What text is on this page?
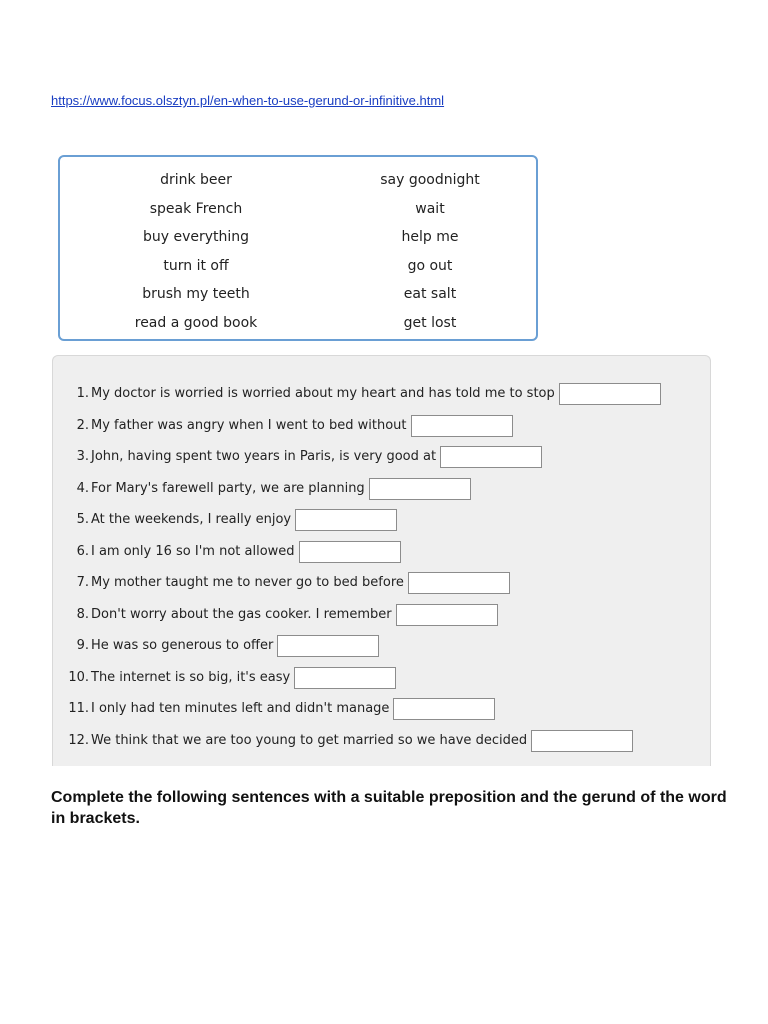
https://www.focus.olsztyn.pl/en-when-to-use-gerund-or-infinitive.html
drink beer
speak French
buy everything
turn it off
brush my teeth
read a good book
say goodnight
wait
help me
go out
eat salt
get lost
1. My doctor is worried is worried about my heart and has told me to stop
2. My father was angry when I went to bed without
3. John, having spent two years in Paris, is very good at
4. For Mary's farewell party, we are planning
5. At the weekends, I really enjoy
6. I am only 16 so I'm not allowed
7. My mother taught me to never go to bed before
8. Don't worry about the gas cooker. I remember
9. He was so generous to offer
10. The internet is so big, it's easy
11. I only had ten minutes left and didn't manage
12. We think that we are too young to get married so we have decided

Complete the following sentences with a suitable preposition and the gerund of the word in brackets.
